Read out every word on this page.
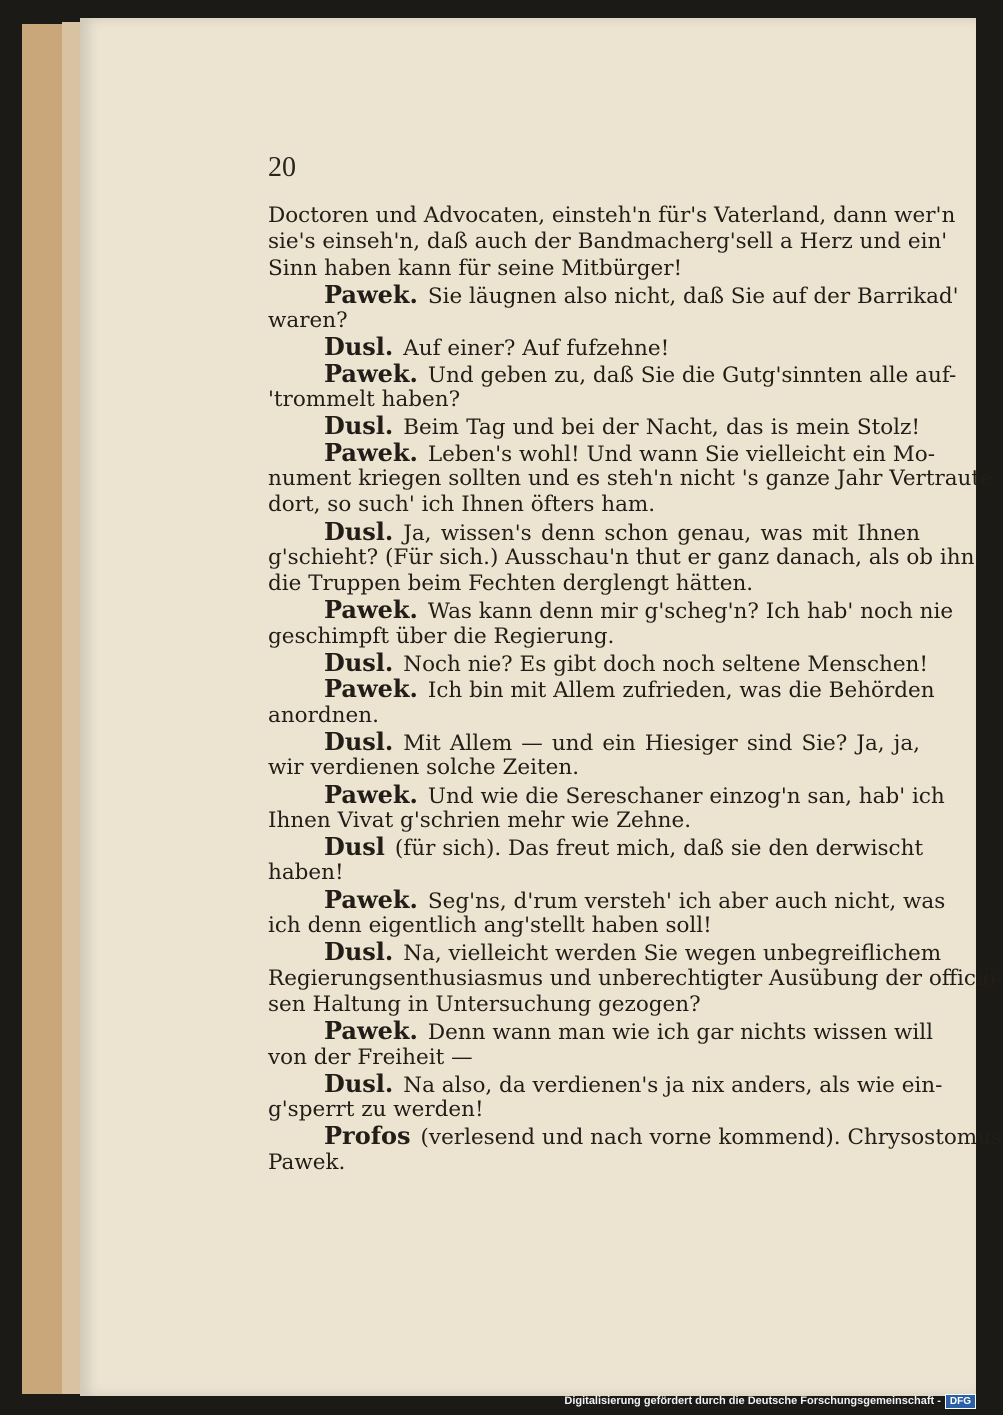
20
Doctoren und Advocaten, einsteh'n für's Vaterland, dann wer'n
sie's einseh'n, daß auch der Bandmacherg'sell a Herz und ein'
Sinn haben kann für seine Mitbürger!
Pawek. Sie läugnen also nicht, daß Sie auf der Barrikad'
waren?
Dusl. Auf einer? Auf fufzehne!
Pawek. Und geben zu, daß Sie die Gutg'sinnten alle auf-
'trommelt haben?
Dusl. Beim Tag und bei der Nacht, das is mein Stolz!
Pawek. Leben's wohl! Und wann Sie vielleicht ein Mo-
nument kriegen sollten und es steh'n nicht 's ganze Jahr Vertraute
dort, so such' ich Ihnen öfters ham.
Dusl. Ja, wissen's denn schon genau, was mit Ihnen
g'schieht? (Für sich.) Ausschau'n thut er ganz danach, als ob ihn
die Truppen beim Fechten derglengt hätten.
Pawek. Was kann denn mir g'scheg'n? Ich hab' noch nie
geschimpft über die Regierung.
Dusl. Noch nie? Es gibt doch noch seltene Menschen!
Pawek. Ich bin mit Allem zufrieden, was die Behörden
anordnen.
Dusl. Mit Allem — und ein Hiesiger sind Sie? Ja, ja,
wir verdienen solche Zeiten.
Pawek. Und wie die Sereschaner einzog'n san, hab' ich
Ihnen Vivat g'schrien mehr wie Zehne.
Dusl (für sich). Das freut mich, daß sie den derwischt
haben!
Pawek. Seg'ns, d'rum versteh' ich aber auch nicht, was
ich denn eigentlich ang'stellt haben soll!
Dusl. Na, vielleicht werden Sie wegen unbegreiflichem
Regierungsenthusiasmus und unberechtigter Ausübung der officiö-
sen Haltung in Untersuchung gezogen?
Pawek. Denn wann man wie ich gar nichts wissen will
von der Freiheit —
Dusl. Na also, da verdienen's ja nix anders, als wie ein-
g'sperrt zu werden!
Profos (verlesend und nach vorne kommend). Chrysostomus
Pawek.
Digitalisierung gefördert durch die Deutsche Forschungsgemeinschaft - DFG
